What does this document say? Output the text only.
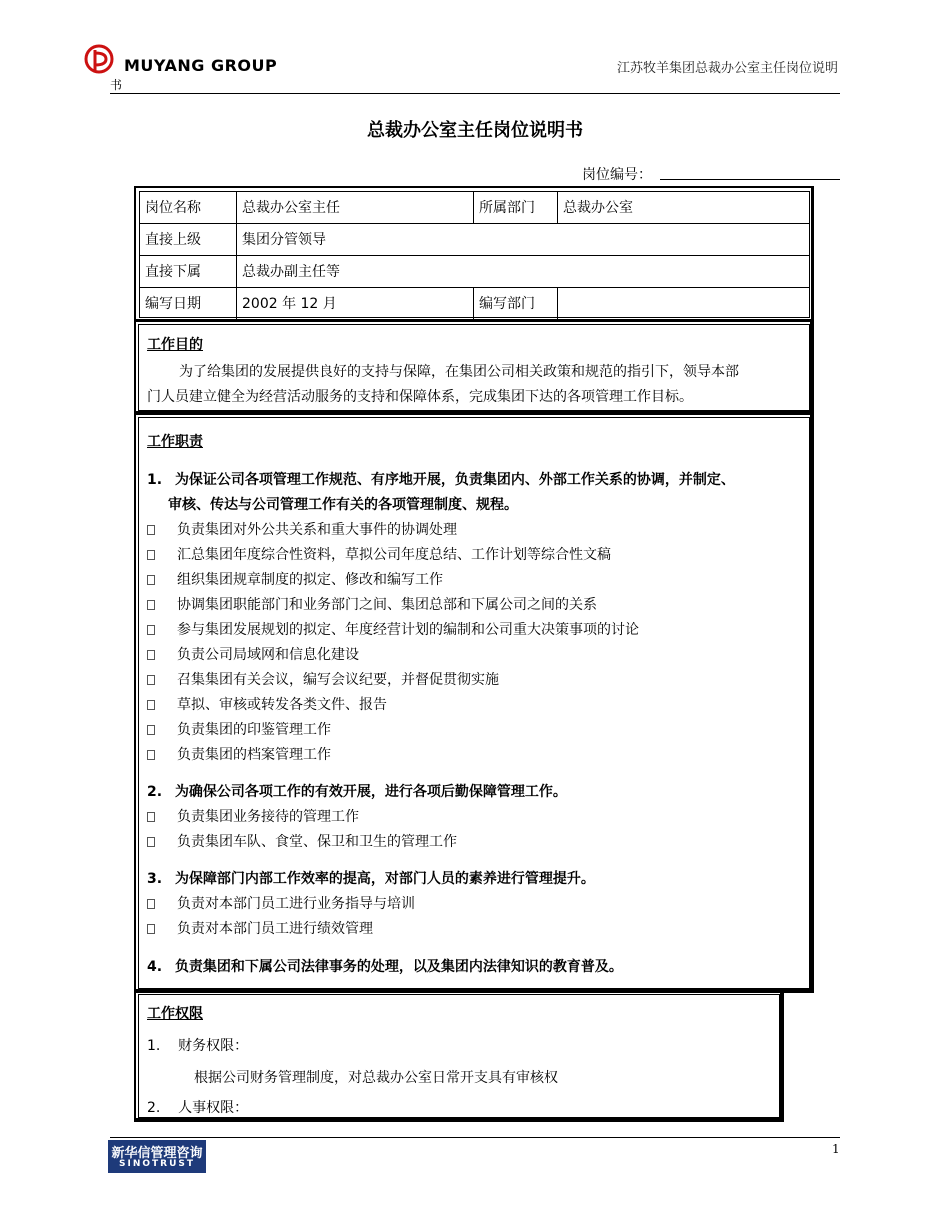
MUYANG GROUP
书
江苏牧羊集团总裁办公室主任岗位说明
总裁办公室主任岗位说明书
岗位编号：
岗位名称	总裁办公室主任	所属部门	总裁办公室
直接上级	集团分管领导
直接下属	总裁办副主任等
编写日期	2002 年 12 月	编写部门
工作目的
为了给集团的发展提供良好的支持与保障，在集团公司相关政策和规范的指引下，领导本部
门人员建立健全为经营活动服务的支持和保障体系，完成集团下达的各项管理工作目标。
工作职责
1. 为保证公司各项管理工作规范、有序地开展，负责集团内、外部工作关系的协调，并制定、
审核、传达与公司管理工作有关的各项管理制度、规程。
负责集团对外公共关系和重大事件的协调处理
汇总集团年度综合性资料，草拟公司年度总结、工作计划等综合性文稿
组织集团规章制度的拟定、修改和编写工作
协调集团职能部门和业务部门之间、集团总部和下属公司之间的关系
参与集团发展规划的拟定、年度经营计划的编制和公司重大决策事项的讨论
负责公司局域网和信息化建设
召集集团有关会议，编写会议纪要，并督促贯彻实施
草拟、审核或转发各类文件、报告
负责集团的印鉴管理工作
负责集团的档案管理工作
2. 为确保公司各项工作的有效开展，进行各项后勤保障管理工作。
负责集团业务接待的管理工作
负责集团车队、食堂、保卫和卫生的管理工作
3. 为保障部门内部工作效率的提高，对部门人员的素养进行管理提升。
负责对本部门员工进行业务指导与培训
负责对本部门员工进行绩效管理
4. 负责集团和下属公司法律事务的处理，以及集团内法律知识的教育普及。
工作权限
1.    财务权限：
根据公司财务管理制度，对总裁办公室日常开支具有审核权
2.    人事权限：
新华信管理咨询
SINOTRUST
1
